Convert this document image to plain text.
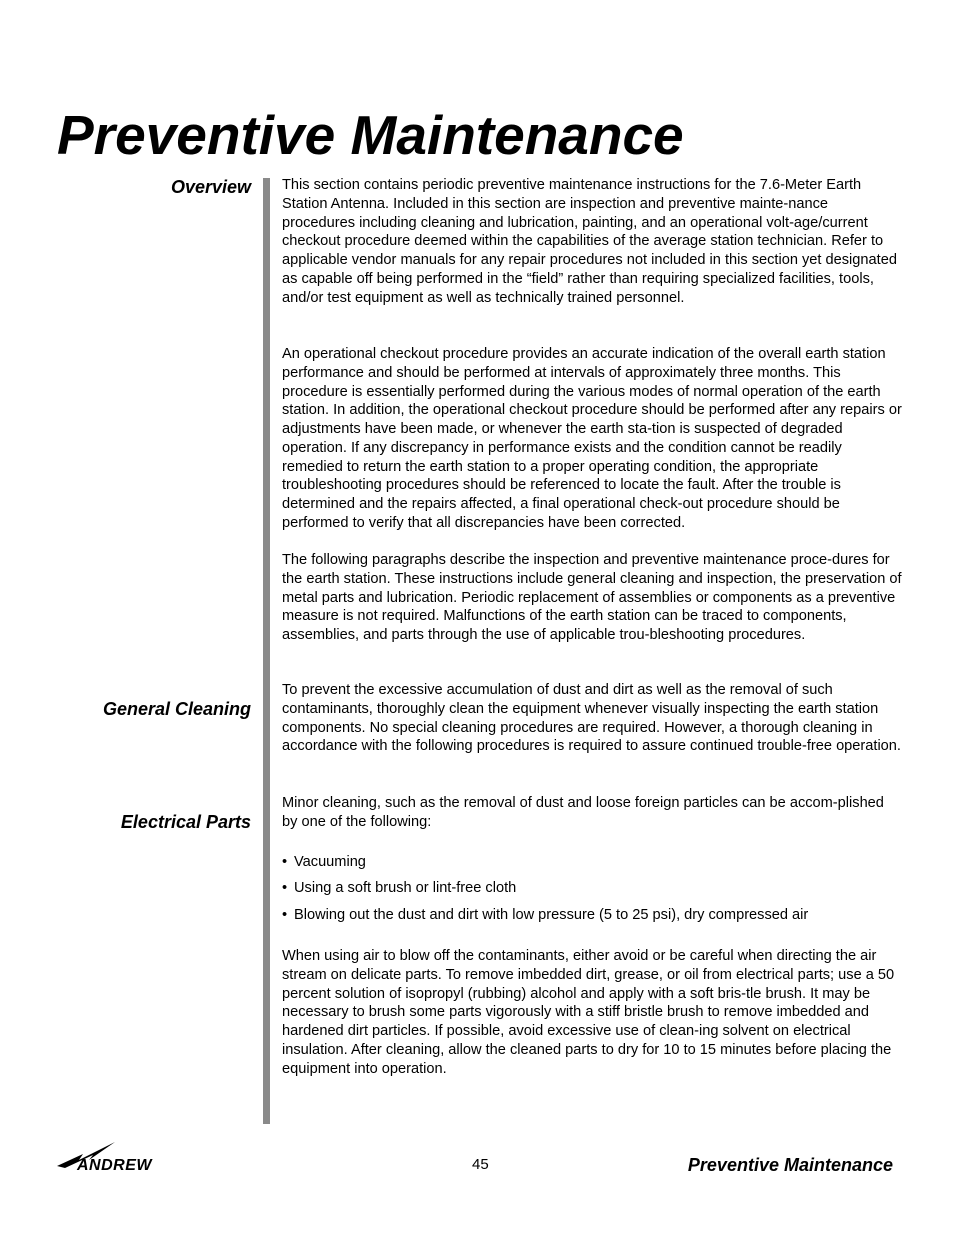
Preventive Maintenance
Overview
General Cleaning
Electrical Parts

This section contains periodic preventive maintenance instructions for the 7.6-Meter Earth Station Antenna. Included in this section are inspection and preventive mainte-nance procedures including cleaning and lubrication, painting, and an operational volt-age/current checkout procedure deemed within the capabilities of the average station technician. Refer to applicable vendor manuals for any repair procedures not included in this section yet designated as capable off being performed in the “field” rather than requiring specialized facilities, tools, and/or test equipment as well as technically trained personnel.

An operational checkout procedure provides an accurate indication of the overall earth station performance and should be performed at intervals of approximately three months. This procedure is essentially performed during the various modes of normal operation of the earth station. In addition, the operational checkout procedure should be performed after any repairs or adjustments have been made, or whenever the earth sta-tion is suspected of degraded operation. If any discrepancy in performance exists and the condition cannot be readily remedied to return the earth station to a proper operating condition, the appropriate troubleshooting procedures should be referenced to locate the fault. After the trouble is determined and the repairs affected, a final operational check-out procedure should be performed to verify that all discrepancies have been corrected.

The following paragraphs describe the inspection and preventive maintenance proce-dures for the earth station. These instructions include general cleaning and inspection, the preservation of metal parts and lubrication. Periodic replacement of assemblies or components as a preventive measure is not required. Malfunctions of the earth station can be traced to components, assemblies, and parts through the use of applicable trou-bleshooting procedures.

To prevent the excessive accumulation of dust and dirt as well as the removal of such contaminants, thoroughly clean the equipment whenever visually inspecting the earth station components. No special cleaning procedures are required. However, a thorough cleaning in accordance with the following procedures is required to assure continued trouble-free operation.

Minor cleaning, such as the removal of dust and loose foreign particles can be accom-plished by one of the following:

• Vacuuming

• Using a soft brush or lint-free cloth

• Blowing out the dust and dirt with low pressure (5 to 25 psi), dry compressed air

When using air to blow off the contaminants, either avoid or be careful when directing the air stream on delicate parts. To remove imbedded dirt, grease, or oil from electrical parts; use a 50 percent solution of isopropyl (rubbing) alcohol and apply with a soft bris-tle brush. It may be necessary to brush some parts vigorously with a stiff bristle brush to remove imbedded and hardened dirt particles. If possible, avoid excessive use of clean-ing solvent on electrical insulation. After cleaning, allow the cleaned parts to dry for 10 to 15 minutes before placing the equipment into operation.

ANDREW	45	Preventive Maintenance
